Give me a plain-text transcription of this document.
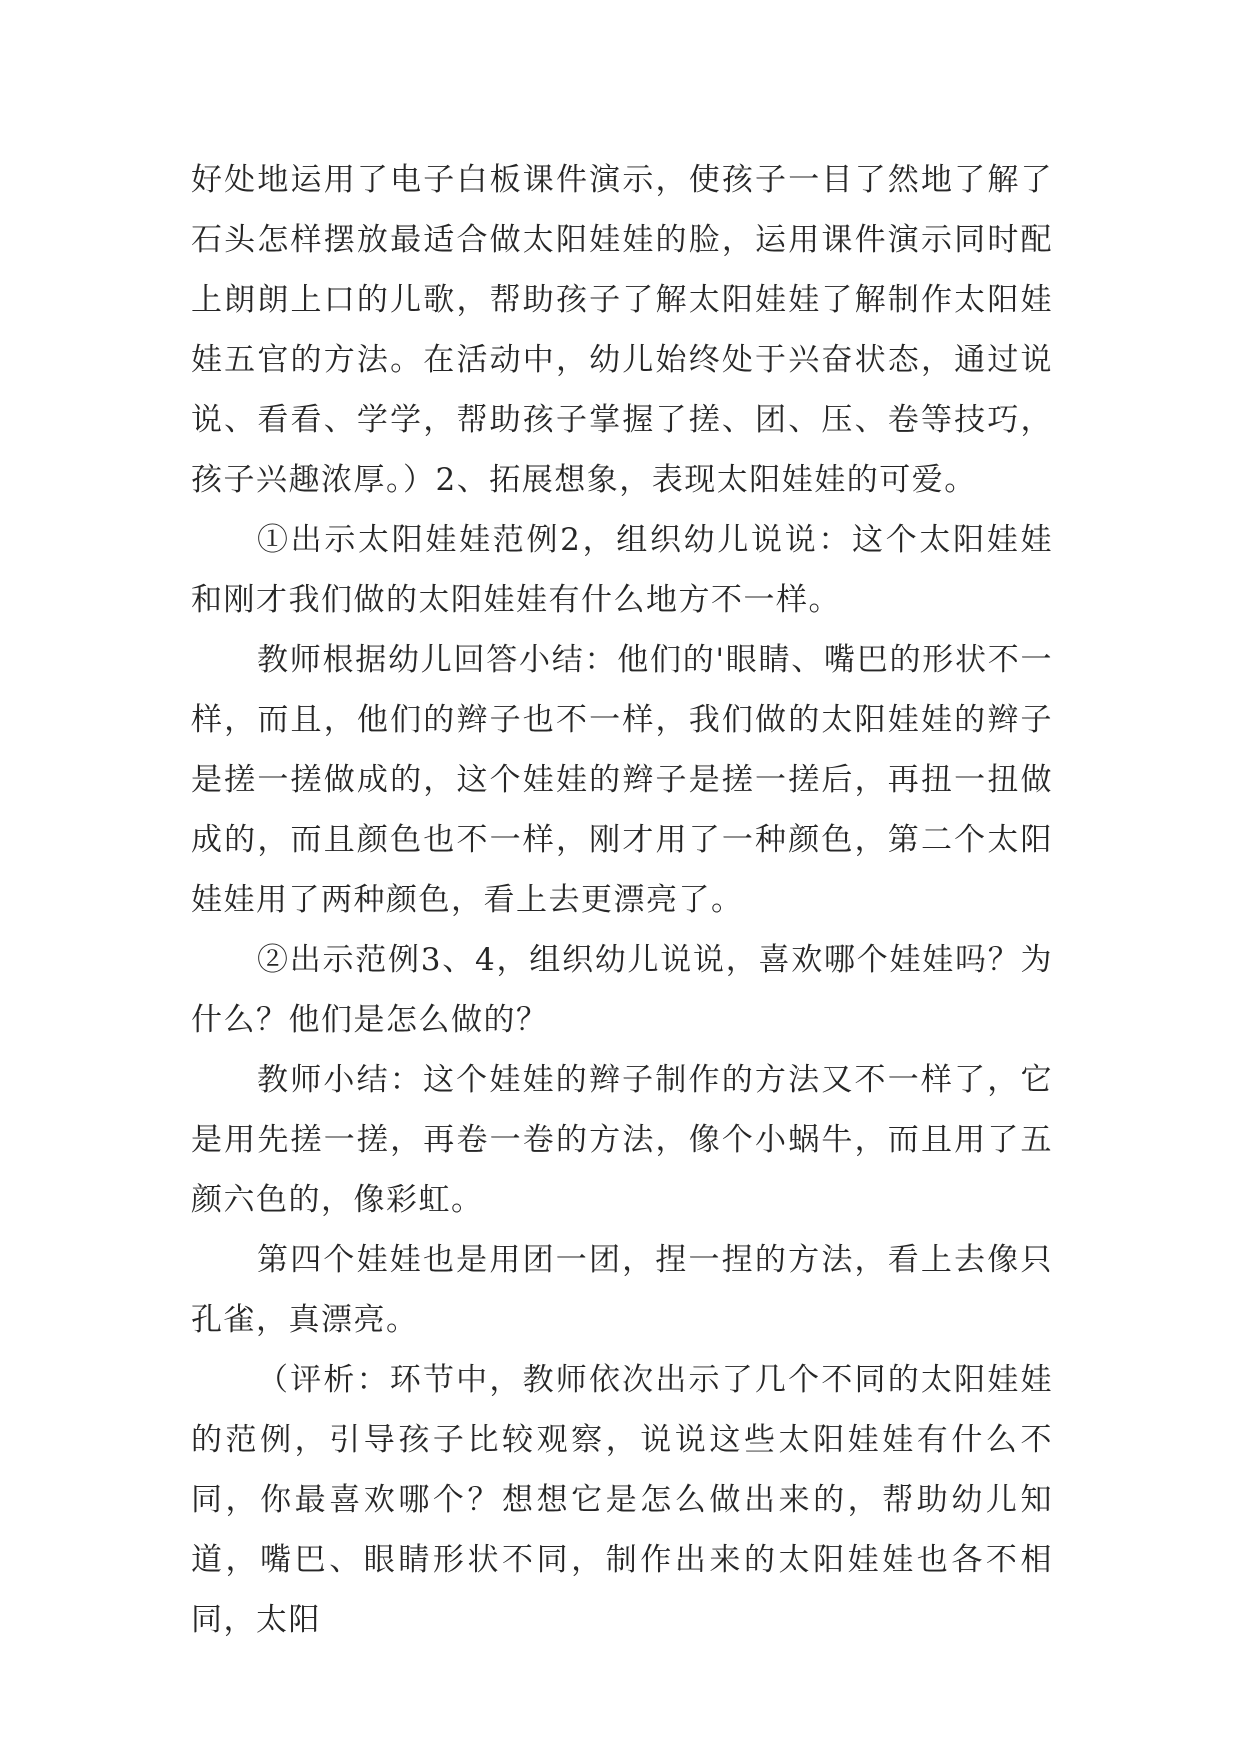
好处地运用了电子白板课件演示，使孩子一目了然地了解了石头怎样摆放最适合做太阳娃娃的脸，运用课件演示同时配上朗朗上口的儿歌，帮助孩子了解太阳娃娃了解制作太阳娃娃五官的方法。在活动中，幼儿始终处于兴奋状态，通过说说、看看、学学，帮助孩子掌握了搓、团、压、卷等技巧，孩子兴趣浓厚。）2、拓展想象，表现太阳娃娃的可爱。

①出示太阳娃娃范例2，组织幼儿说说：这个太阳娃娃和刚才我们做的太阳娃娃有什么地方不一样。

教师根据幼儿回答小结：他们的'眼睛、嘴巴的形状不一样，而且，他们的辫子也不一样，我们做的太阳娃娃的辫子是搓一搓做成的，这个娃娃的辫子是搓一搓后，再扭一扭做成的，而且颜色也不一样，刚才用了一种颜色，第二个太阳娃娃用了两种颜色，看上去更漂亮了。

②出示范例3、4，组织幼儿说说，喜欢哪个娃娃吗？为什么？他们是怎么做的？

教师小结：这个娃娃的辫子制作的方法又不一样了，它是用先搓一搓，再卷一卷的方法，像个小蜗牛，而且用了五颜六色的，像彩虹。

第四个娃娃也是用团一团，捏一捏的方法，看上去像只孔雀，真漂亮。

（评析：环节中，教师依次出示了几个不同的太阳娃娃的范例，引导孩子比较观察，说说这些太阳娃娃有什么不同，你最喜欢哪个？想想它是怎么做出来的，帮助幼儿知道，嘴巴、眼睛形状不同，制作出来的太阳娃娃也各不相同，太阳
